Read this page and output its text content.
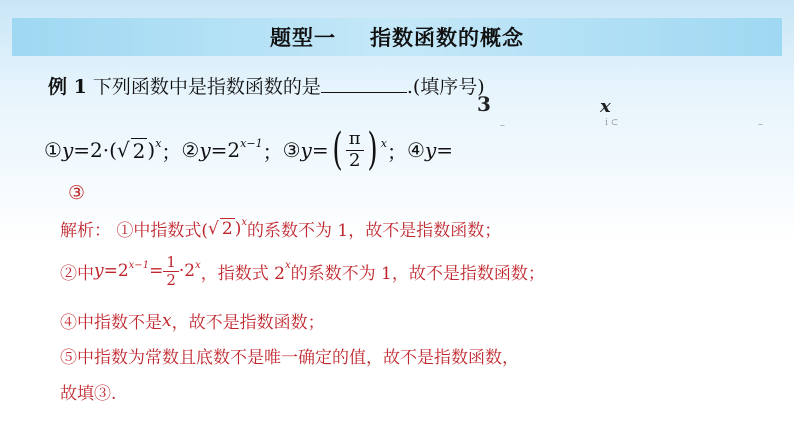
题型一 指数函数的概念
例 1 下列函数中是指数函数的是	.(填序号)
3	x
–	i ⊂	–
① y =2·( √ 2 )$^x$ ； ② $y =2^{x-1}$ ； ③ y = ( $\frac{\pi}{2}$ ) $^x$ ； ④ y =
③
解析： ①中指数式( √ 2 )$^x$ 的系数不为 1，故不是指数函数；
②中 $y =2^{x-1} = \frac{1}{2} \cdot 2^x$ ，指数式 2$^x$ 的系数不为 1，故不是指数函数；
④中指数不是 x ，故不是指数函数；
⑤中指数为常数且底数不是唯一确定的值，故不是指数函数，
故填③.
